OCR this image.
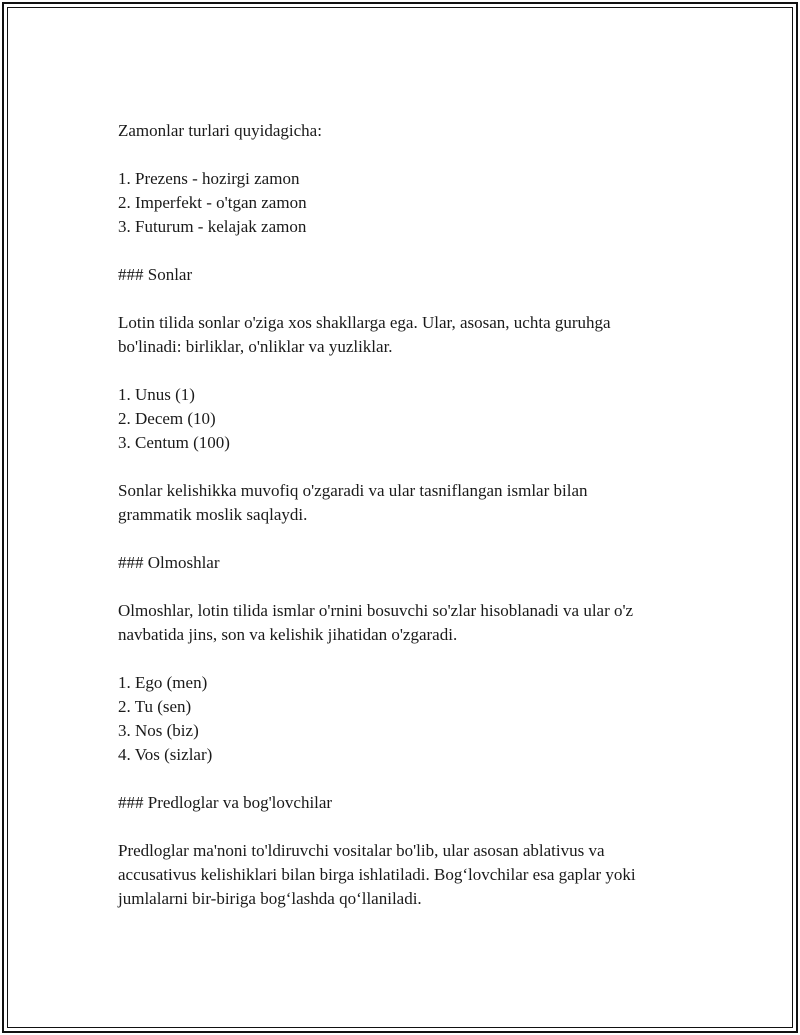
Zamonlar turlari quyidagicha:

1. Prezens - hozirgi zamon

2. Imperfekt - o'tgan zamon

3. Futurum - kelajak zamon

### Sonlar

Lotin tilida sonlar o'ziga xos shakllarga ega. Ular, asosan, uchta guruhga

bo'linadi: birliklar, o'nliklar va yuzliklar.

1. Unus (1)

2. Decem (10)

3. Centum (100)

Sonlar kelishikka muvofiq o'zgaradi va ular tasniflangan ismlar bilan

grammatik moslik saqlaydi.

### Olmoshlar

Olmoshlar, lotin tilida ismlar o'rnini bosuvchi so'zlar hisoblanadi va ular o'z

navbatida jins, son va kelishik jihatidan o'zgaradi.

1. Ego (men)

2. Tu (sen)

3. Nos (biz)

4. Vos (sizlar)

### Predloglar va bog'lovchilar

Predloglar ma'noni to'ldiruvchi vositalar bo'lib, ular asosan ablativus va

accusativus kelishiklari bilan birga ishlatiladi. Bog‘lovchilar esa gaplar yoki

jumlalarni bir-biriga bog‘lashda qo‘llaniladi.
